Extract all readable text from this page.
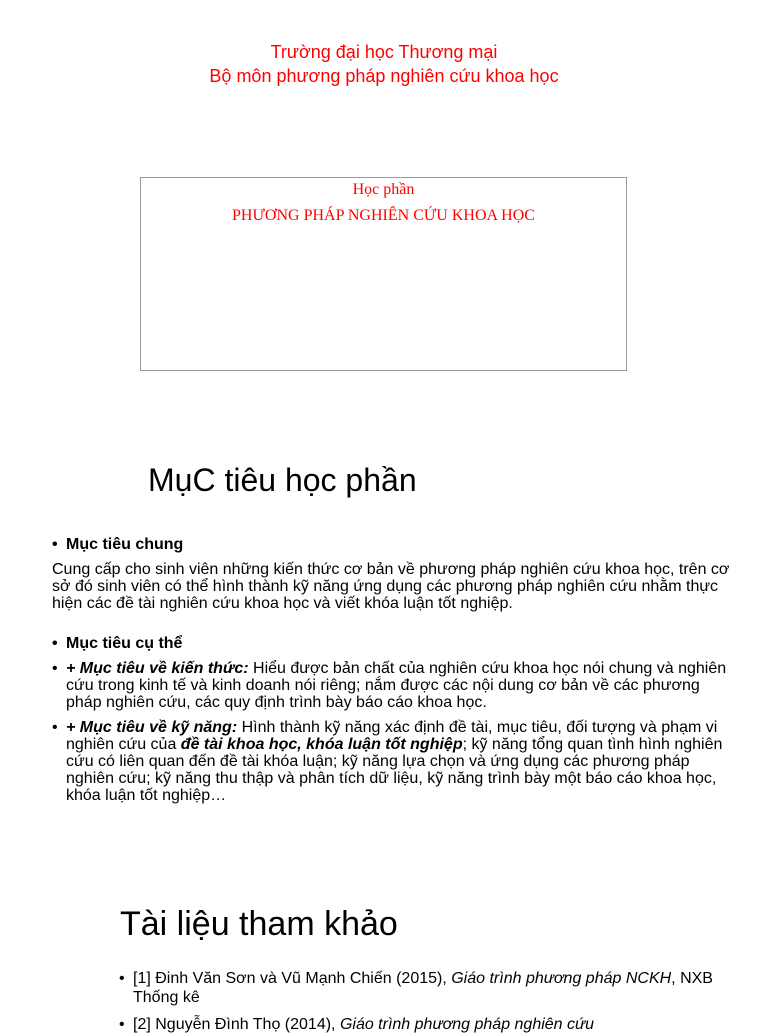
Trường đại học Thương mại
Bộ môn phương pháp nghiên cứu khoa học
Học phần
PHƯƠNG PHÁP NGHIÊN CỨU KHOA HỌC
MụC tiêu học phần
• Mục tiêu chung
Cung cấp cho sinh viên những kiến thức cơ bản về phương pháp nghiên cứu khoa học, trên cơ sở đó sinh viên có thể hình thành kỹ năng ứng dụng các phương pháp nghiên cứu nhằm thực hiện các đề tài nghiên cứu khoa học và viết khóa luận tốt nghiệp.
• Mục tiêu cụ thể
• + Mục tiêu về kiến thức: Hiểu được bản chất của nghiên cứu khoa học nói chung và nghiên cứu trong kinh tế và kinh doanh nói riêng; nắm được các nội dung cơ bản về các phương pháp nghiên cứu, các quy định trình bày báo cáo khoa học.
• + Mục tiêu về kỹ năng: Hình thành kỹ năng xác định đề tài, mục tiêu, đối tượng và phạm vi nghiên cứu của đề tài khoa học, khóa luận tốt nghiệp; kỹ năng tổng quan tình hình nghiên cứu có liên quan đến đề tài khóa luận; kỹ năng lựa chọn và ứng dụng các phương pháp nghiên cứu; kỹ năng thu thập và phân tích dữ liệu, kỹ năng trình bày một báo cáo khoa học, khóa luận tốt nghiệp…
Tài liệu tham khảo
• [1] Đinh Văn Sơn và Vũ Mạnh Chiến (2015), Giáo trình phương pháp NCKH, NXB Thống kê
• [2] Nguyễn Đình Thọ (2014), Giáo trình phương pháp nghiên cứu
